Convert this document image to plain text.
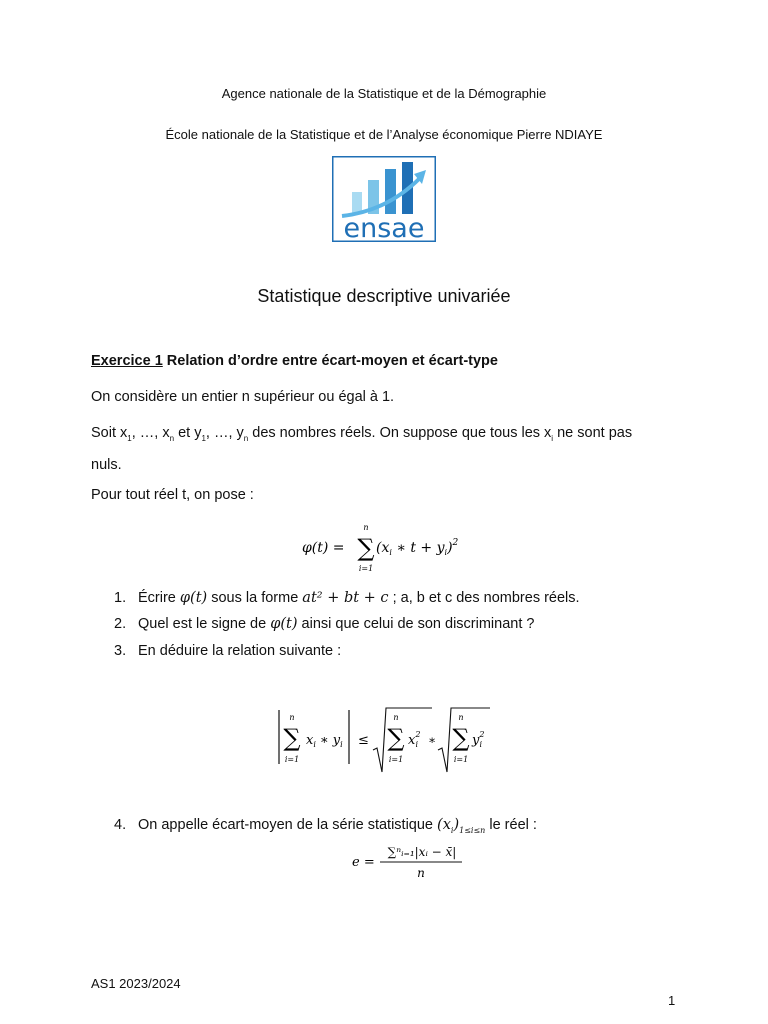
Agence nationale de la Statistique et de la Démographie
École nationale de la Statistique et de l’Analyse économique Pierre NDIAYE
ensae
Statistique descriptive univariée
Exercice 1 Relation d’ordre entre écart-moyen et écart-type
On considère un entier n supérieur ou égal à 1.
Soit $x_1$, …, $x_n$ et $y_1$, …, $y_n$ des nombres réels. On suppose que tous les $x_i$ ne sont pas
nuls.
Pour tout réel t, on pose :
φ(t) =
n
∑
i=1
($x_i$ ∗ $t + y_i)^2$
1. Écrire φ(t) sous la forme at² + bt + c ; a, b et c des nombres réels.
2. Quel est le signe de φ(t) ainsi que celui de son discriminant ?
3. En déduire la relation suivante :
n
∑
i=1
$x_i$ ∗ $y_i$ ≤
n
∑
i=1
$x^2$ i ∗
n
∑
i=1
$y^2$ i
4. On appelle écart-moyen de la série statistique $(x_i)_{1\le i\le n}$ le réel :
e =
∑ⁿᵢ₌₁|xᵢ − x̄|
n
AS1 2023/2024
1
